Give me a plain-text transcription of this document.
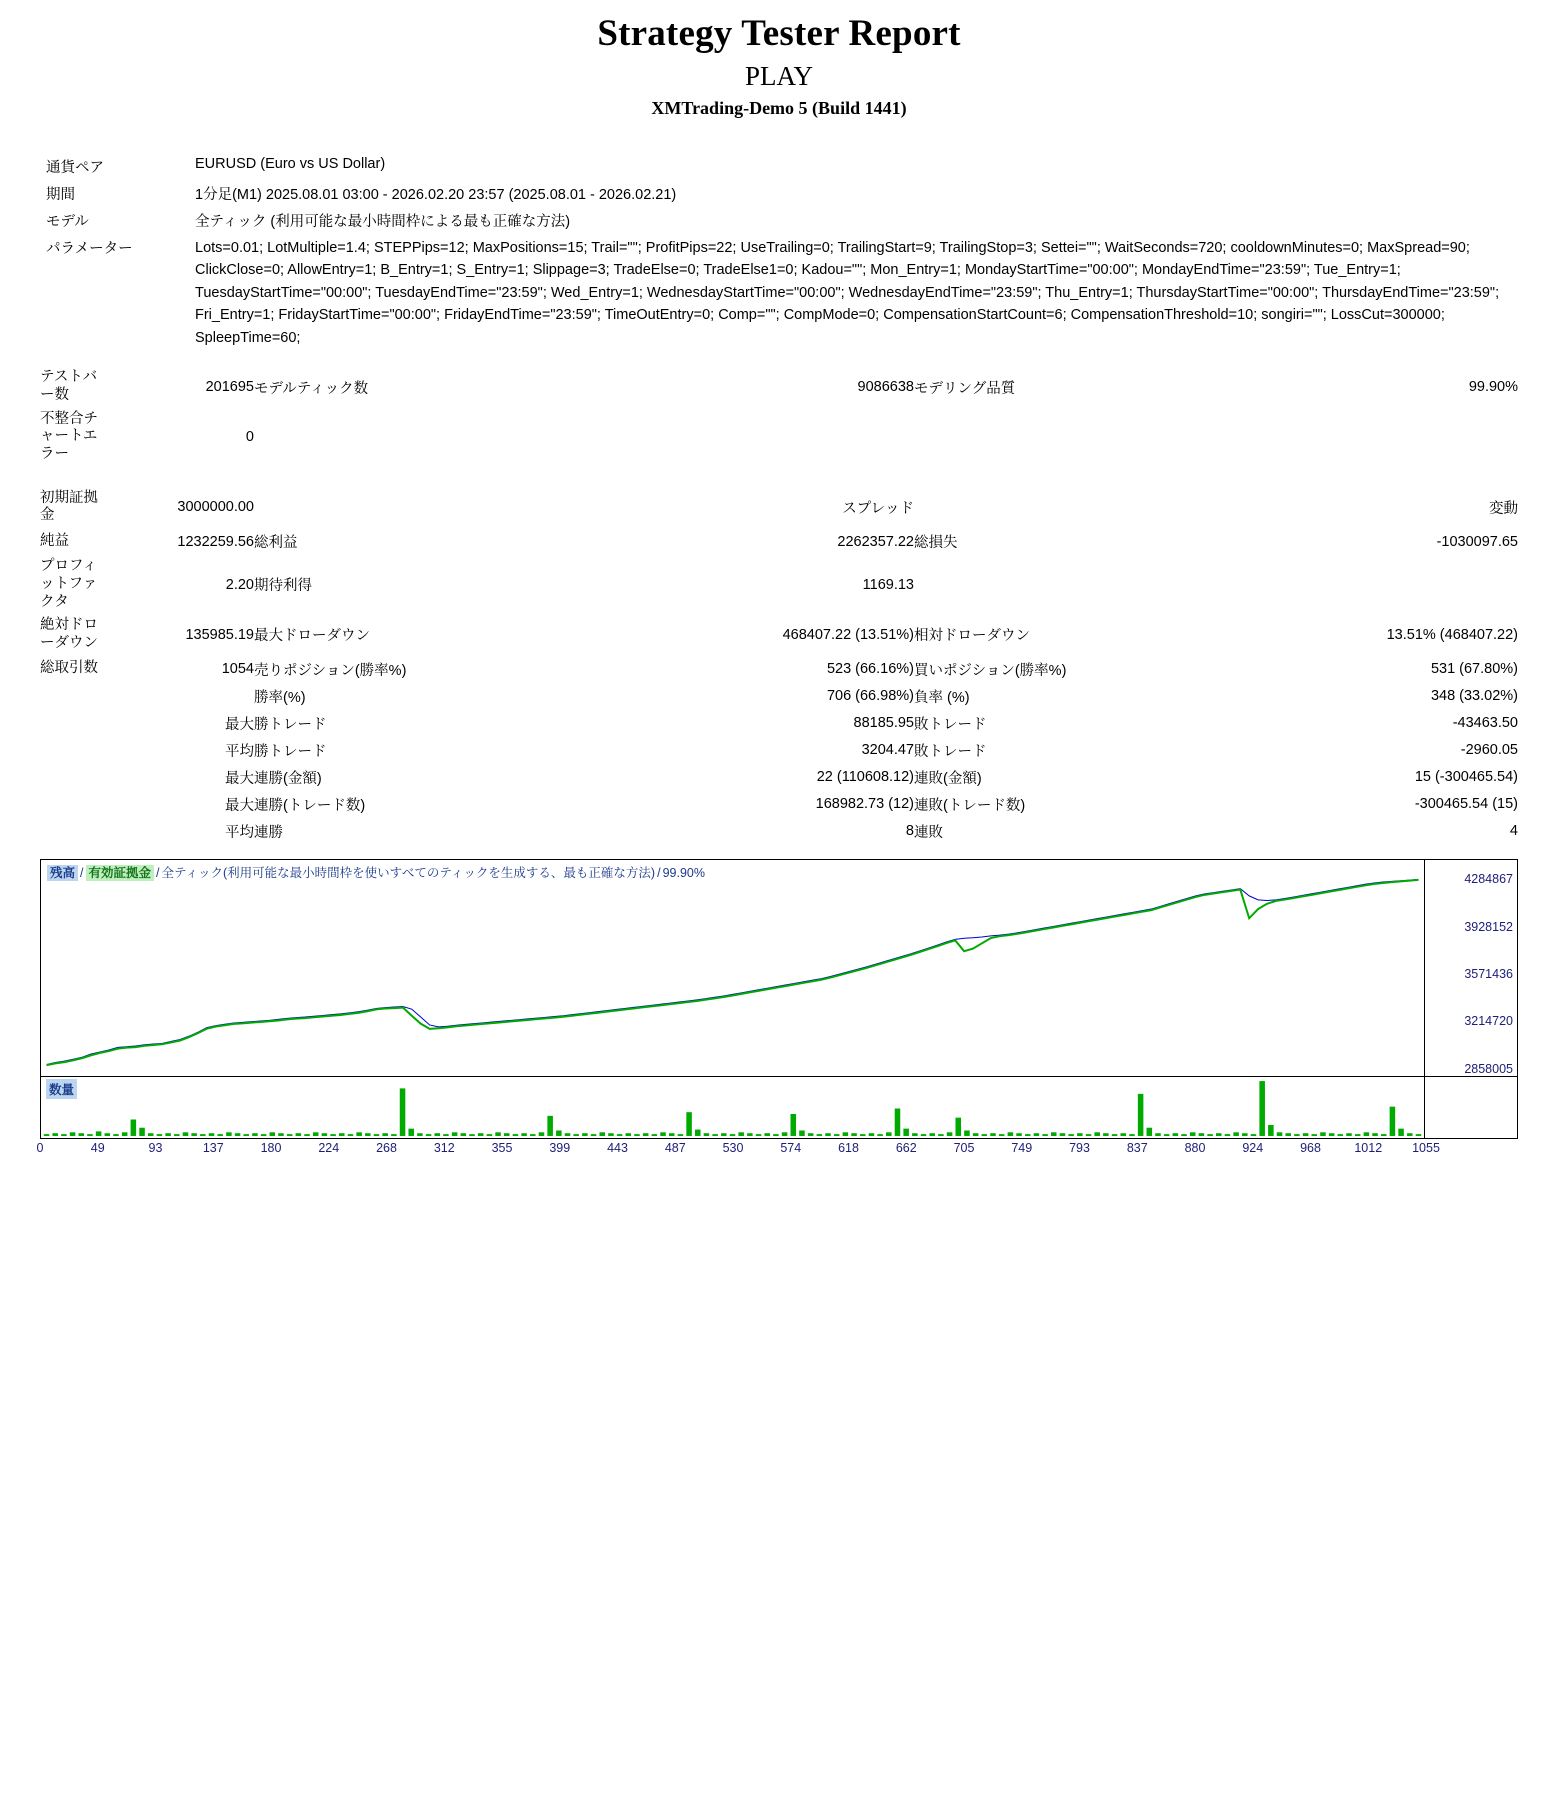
Strategy Tester Report
PLAY
XMTrading-Demo 5 (Build 1441)
通貨ペア	EURUSD (Euro vs US Dollar)
期間	1分足(M1) 2025.08.01 03:00 - 2026.02.20 23:57 (2025.08.01 - 2026.02.21)
モデル	全ティック (利用可能な最小時間枠による最も正確な方法)
パラメーター	Lots=0.01; LotMultiple=1.4; STEPPips=12; MaxPositions=15; Trail=""; ProfitPips=22; UseTrailing=0; TrailingStart=9; TrailingStop=3; Settei=""; WaitSeconds=720; cooldownMinutes=0; MaxSpread=90; ClickClose=0; AllowEntry=1; B_Entry=1; S_Entry=1; Slippage=3; TradeElse=0; TradeElse1=0; Kadou=""; Mon_Entry=1; MondayStartTime="00:00"; MondayEndTime="23:59"; Tue_Entry=1; TuesdayStartTime="00:00"; TuesdayEndTime="23:59"; Wed_Entry=1; WednesdayStartTime="00:00"; WednesdayEndTime="23:59"; Thu_Entry=1; ThursdayStartTime="00:00"; ThursdayEndTime="23:59"; Fri_Entry=1; FridayStartTime="00:00"; FridayEndTime="23:59"; TimeOutEntry=0; Comp=""; CompMode=0; CompensationStartCount=6; CompensationThreshold=10; songiri=""; LossCut=300000; SpleepTime=60;
テストバー数	201695	モデルティック数	9086638	モデリング品質	99.90%
不整合チャートエラー	0				

初期証拠金	3000000.00		スプレッド		変動
純益	1232259.56	総利益	2262357.22	総損失	-1030097.65
プロフィットファクタ	2.20	期待利得	1169.13		
絶対ドローダウン	135985.19	最大ドローダウン	468407.22 (13.51%)	相対ドローダウン	13.51% (468407.22)
総取引数	1054	売りポジション(勝率%)	523 (66.16%)	買いポジション(勝率%)	531 (67.80%)
		勝率(%)	706 (66.98%)	負率 (%)	348 (33.02%)
	最大	勝トレード	88185.95	敗トレード	-43463.50
	平均	勝トレード	3204.47	敗トレード	-2960.05
	最大	連勝(金額)	22 (110608.12)	連敗(金額)	15 (-300465.54)
	最大	連勝(トレード数)	168982.73 (12)	連敗(トレード数)	-300465.54 (15)
	平均	連勝	8	連敗	4
残高 / 有効証拠金 / 全ティック(利用可能な最小時間枠を使いすべてのティックを生成する、最も正確な方法) / 99.90%	4284867
3928152
3571436
3214720
2858005
数量
0	49	93	137	180	224	268	312	355	399	443	487	530	574	618	662	705	749	793	837	880	924	968	1012 1055
